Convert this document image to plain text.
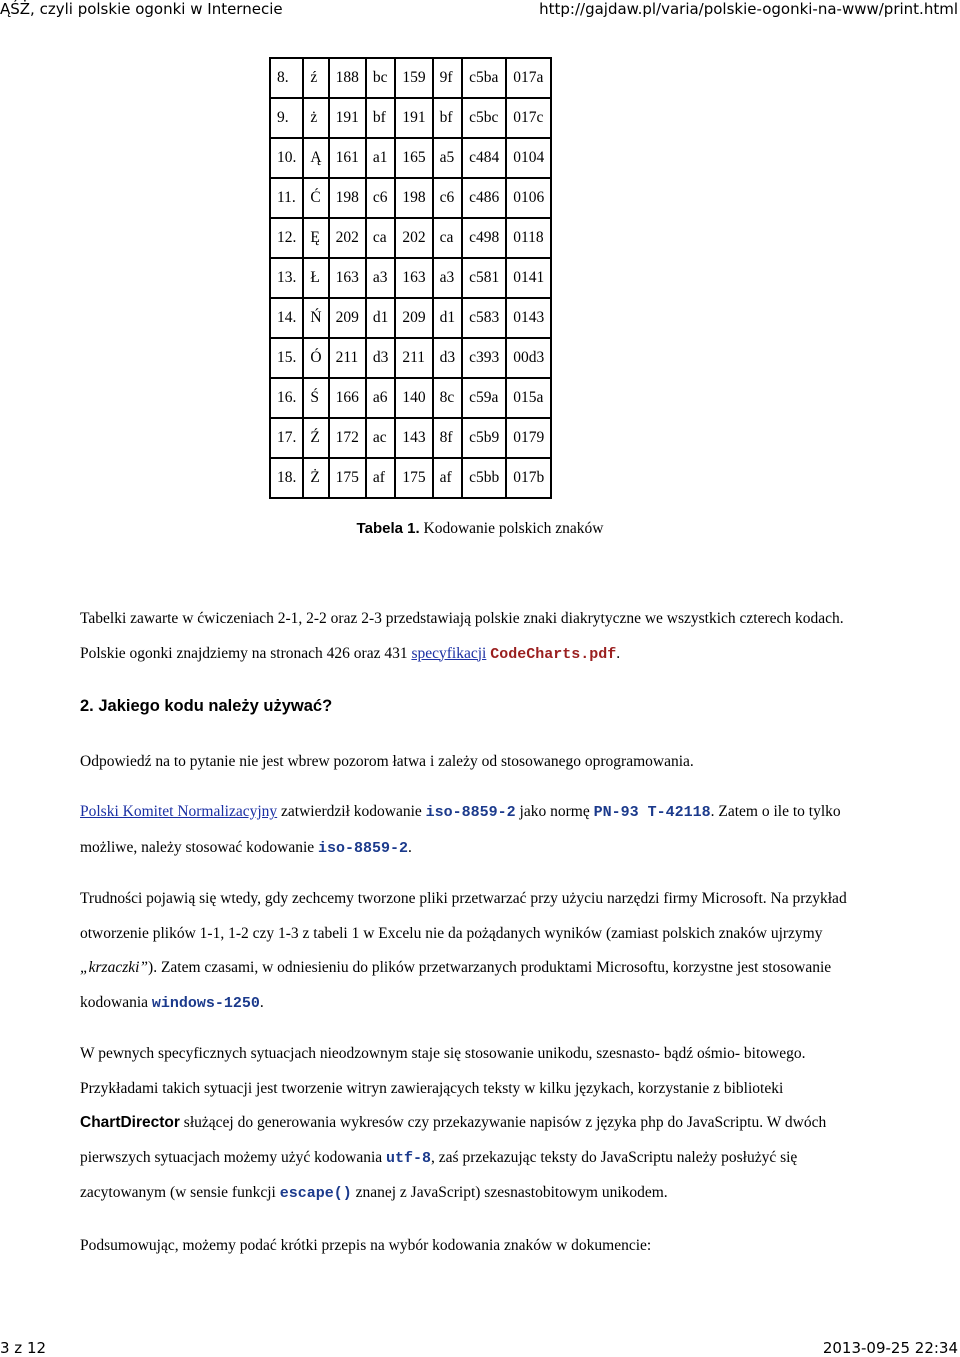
ĄŚŻ, czyli polskie ogonki w Internecie	http://gajdaw.pl/varia/polskie-ogonki-na-www/print.html
8.	ź	188	bc	159	9f	c5ba	017a
9.	ż	191	bf	191	bf	c5bc	017c
10.	Ą	161	a1	165	a5	c484	0104
11.	Ć	198	c6	198	c6	c486	0106
12.	Ę	202	ca	202	ca	c498	0118
13.	Ł	163	a3	163	a3	c581	0141
14.	Ń	209	d1	209	d1	c583	0143
15.	Ó	211	d3	211	d3	c393	00d3
16.	Ś	166	a6	140	8c	c59a	015a
17.	Ź	172	ac	143	8f	c5b9	0179
18.	Ż	175	af	175	af	c5bb	017b
Tabela 1. Kodowanie polskich znaków

Tabelki zawarte w ćwiczeniach 2-1, 2-2 oraz 2-3 przedstawiają polskie znaki diakrytyczne we wszystkich czterech kodach. Polskie ogonki znajdziemy na stronach 426 oraz 431 specyfikacji CodeCharts.pdf.

2. Jakiego kodu należy używać?

Odpowiedź na to pytanie nie jest wbrew pozorom łatwa i zależy od stosowanego oprogramowania.

Polski Komitet Normalizacyjny zatwierdził kodowanie iso-8859-2 jako normę PN-93 T-42118. Zatem o ile to tylko możliwe, należy stosować kodowanie iso-8859-2.

Trudności pojawią się wtedy, gdy zechcemy tworzone pliki przetwarzać przy użyciu narzędzi firmy Microsoft. Na przykład otworzenie plików 1-1, 1-2 czy 1-3 z tabeli 1 w Excelu nie da pożądanych wyników (zamiast polskich znaków ujrzymy „krzaczki”). Zatem czasami, w odniesieniu do plików przetwarzanych produktami Microsoftu, korzystne jest stosowanie kodowania windows-1250.

W pewnych specyficznych sytuacjach nieodzownym staje się stosowanie unikodu, szesnasto- bądź ośmio- bitowego. Przykładami takich sytuacji jest tworzenie witryn zawierających teksty w kilku językach, korzystanie z biblioteki ChartDirector służącej do generowania wykresów czy przekazywanie napisów z języka php do JavaScriptu. W dwóch pierwszych sytuacjach możemy użyć kodowania utf-8, zaś przekazując teksty do JavaScriptu należy posłużyć się zacytowanym (w sensie funkcji escape() znanej z JavaScript) szesnastobitowym unikodem.

Podsumowując, możemy podać krótki przepis na wybór kodowania znaków w dokumencie:

3 z 12	2013-09-25 22:34
